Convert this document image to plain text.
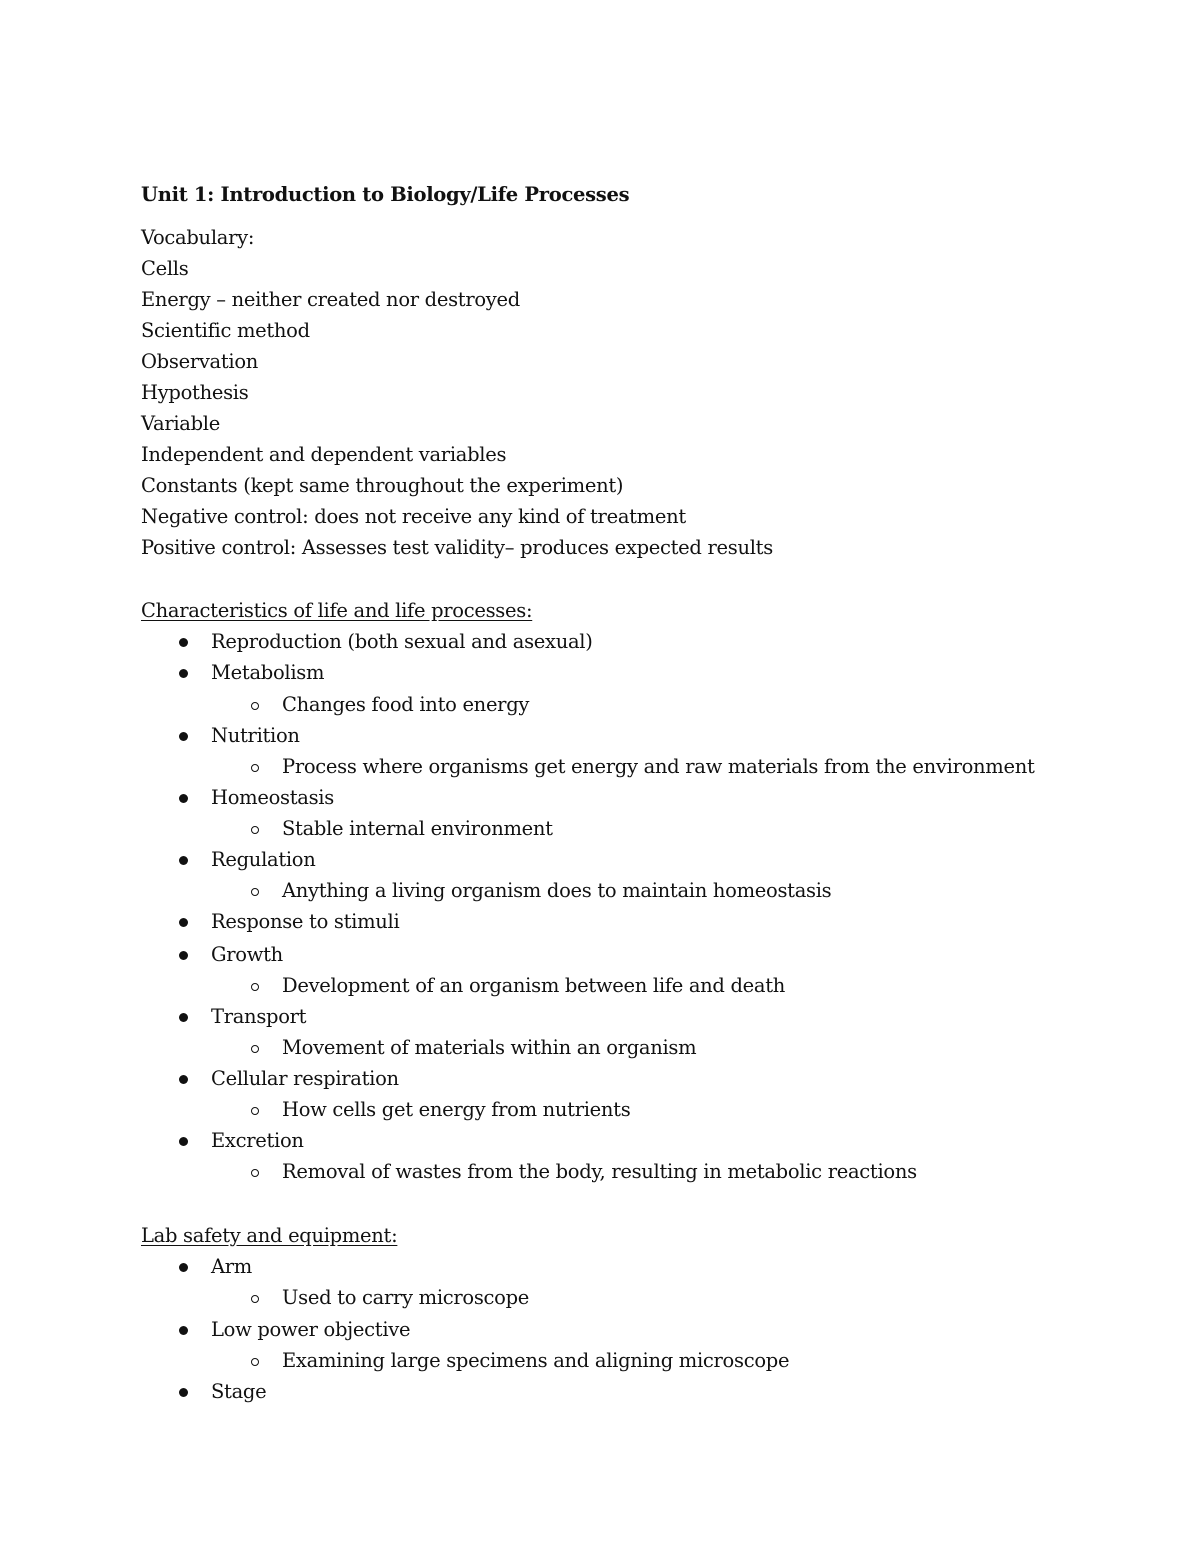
Unit 1: Introduction to Biology/Life Processes

Vocabulary:

Cells

Energy – neither created nor destroyed

Scientific method

Observation

Hypothesis

Variable

Independent and dependent variables

Constants (kept same throughout the experiment)

Negative control: does not receive any kind of treatment

Positive control: Assesses test validity– produces expected results

Characteristics of life and life processes:

Reproduction (both sexual and asexual)

Metabolism

Changes food into energy

Nutrition

Process where organisms get energy and raw materials from the environment

Homeostasis

Stable internal environment

Regulation

Anything a living organism does to maintain homeostasis

Response to stimuli

Growth

Development of an organism between life and death

Transport

Movement of materials within an organism

Cellular respiration

How cells get energy from nutrients

Excretion

Removal of wastes from the body, resulting in metabolic reactions

Lab safety and equipment:

Arm

Used to carry microscope

Low power objective

Examining large specimens and aligning microscope

Stage
